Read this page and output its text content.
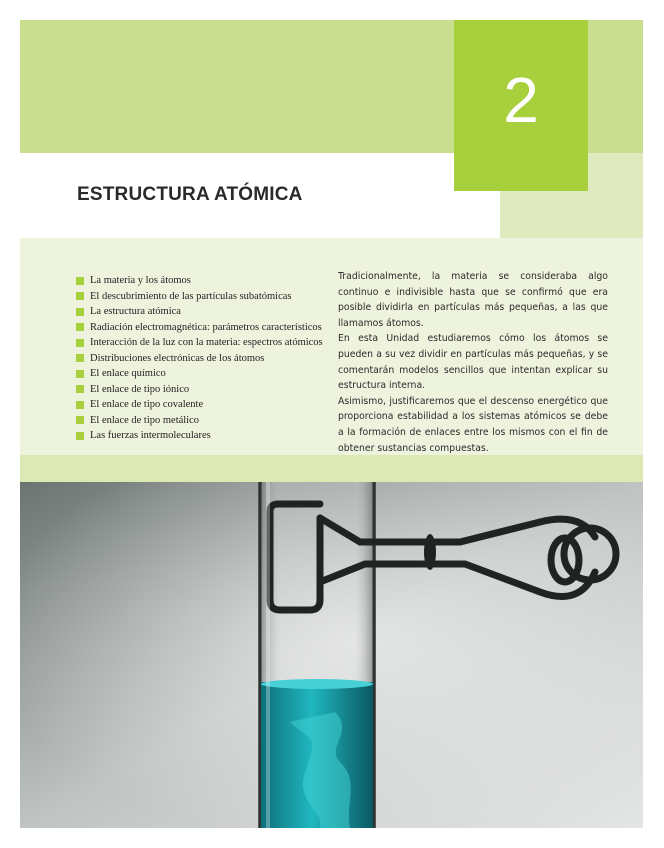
2
ESTRUCTURA ATÓMICA
La materia y los átomos
El descubrimiento de las partículas subatómicas
La estructura atómica
Radiación electromagnética: parámetros característicos
Interacción de la luz con la materia: espectros atómicos
Distribuciones electrónicas de los átomos
El enlace químico
El enlace de tipo iónico
El enlace de tipo covalente
El enlace de tipo metálico
Las fuerzas intermoleculares

Tradicionalmente, la materia se consideraba algo continuo e indivisible hasta que se confirmó que era posible dividirla en partículas más pequeñas, a las que llamamos átomos.

En esta Unidad estudiaremos cómo los átomos se pueden a su vez dividir en partículas más pequeñas, y se comentarán modelos sencillos que intentan explicar su estructura interna.

Asimismo, justificaremos que el descenso energético que proporciona estabilidad a los sistemas atómicos se debe a la formación de enlaces entre los mismos con el fin de obtener sustancias compuestas.
